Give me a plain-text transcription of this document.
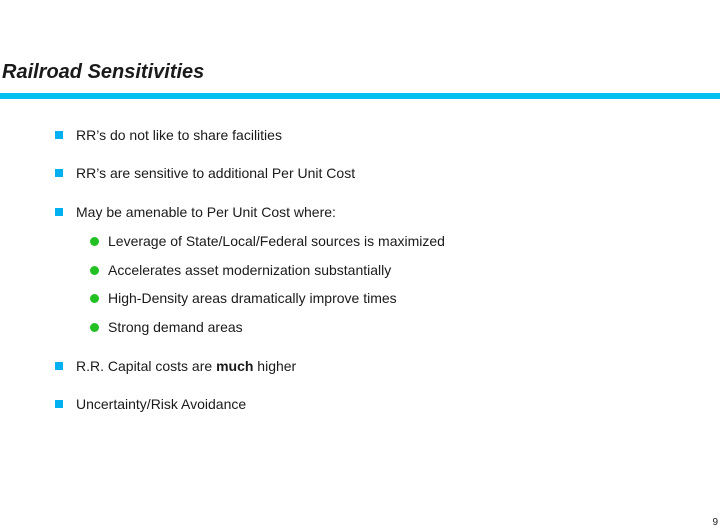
Railroad Sensitivities
RR’s do not like to share facilities
RR’s are sensitive to additional Per Unit Cost
May be amenable to Per Unit Cost where:
Leverage of State/Local/Federal sources is maximized
Accelerates asset modernization substantially
High-Density areas dramatically improve times
Strong demand areas
R.R. Capital costs are much higher
Uncertainty/Risk Avoidance
9
